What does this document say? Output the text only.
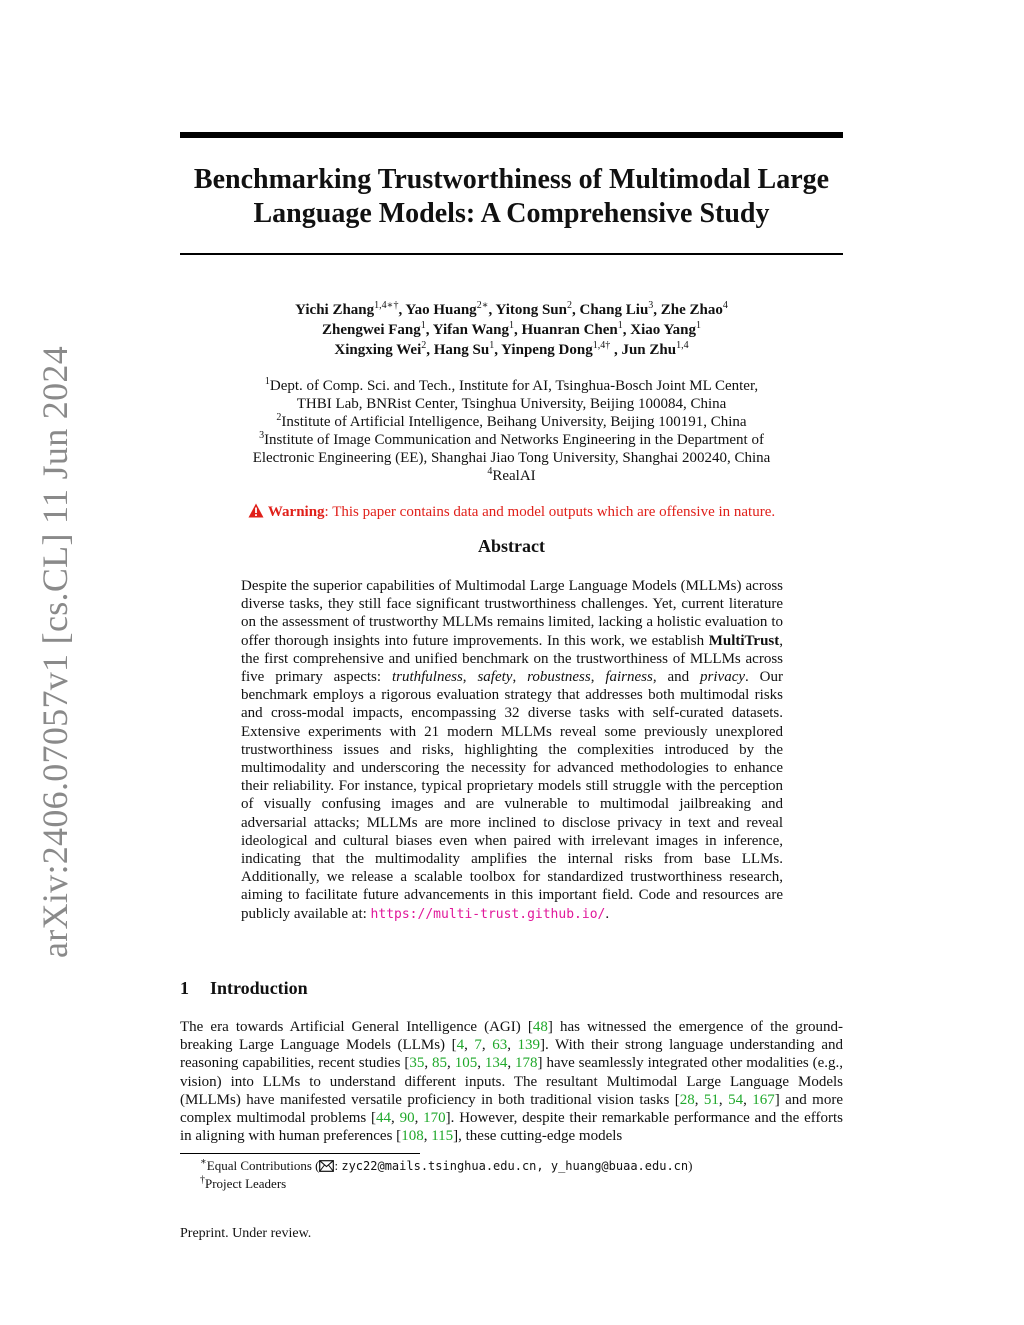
arXiv:2406.07057v1 [cs.CL] 11 Jun 2024
Benchmarking Trustworthiness of Multimodal Large
Language Models: A Comprehensive Study
Yichi Zhang$^{1,4∗\dagger}$, Yao Huang$^{2∗}$, Yitong Sun$^2$, Chang Liu$^3$, Zhe Zhao$^4$
Zhengwei Fang$^1$, Yifan Wang$^1$, Huanran Chen$^1$, Xiao Yang$^1$
Xingxing Wei$^2$, Hang Su$^1$, Yinpeng Dong$^{1,4\dagger}$ , Jun Zhu$^{1,4}$
$^1$Dept. of Comp. Sci. and Tech., Institute for AI, Tsinghua-Bosch Joint ML Center,
THBI Lab, BNRist Center, Tsinghua University, Beijing 100084, China
$^2$Institute of Artificial Intelligence, Beihang University, Beijing 100191, China
$^3$Institute of Image Communication and Networks Engineering in the Department of
Electronic Engineering (EE), Shanghai Jiao Tong University, Shanghai 200240, China
$^4$RealAI
Warning: This paper contains data and model outputs which are offensive in nature.
Abstract

Despite the superior capabilities of Multimodal Large Language Models (MLLMs) across diverse tasks, they still face significant trustworthiness challenges. Yet, current literature on the assessment of trustworthy MLLMs remains limited, lacking a holistic evaluation to offer thorough insights into future improvements. In this work, we establish MultiTrust, the first comprehensive and unified benchmark on the trustworthiness of MLLMs across five primary aspects: truthfulness, safety, robustness, fairness, and privacy. Our benchmark employs a rigorous evaluation strategy that addresses both multimodal risks and cross-modal impacts, encompassing 32 diverse tasks with self-curated datasets. Extensive experiments with 21 modern MLLMs reveal some previously unexplored trustworthiness issues and risks, highlighting the complexities introduced by the multimodality and underscoring the necessity for advanced methodologies to enhance their reliability. For instance, typical proprietary models still struggle with the perception of visually confusing images and are vulnerable to multimodal jailbreaking and adversarial attacks; MLLMs are more inclined to disclose privacy in text and reveal ideological and cultural biases even when paired with irrelevant images in inference, indicating that the multimodality amplifies the internal risks from base LLMs. Additionally, we release a scalable toolbox for standardized trustworthiness research, aiming to facilitate future advancements in this important field. Code and resources are publicly available at: https://multi-trust.github.io/.

1 Introduction

The era towards Artificial General Intelligence (AGI) [48] has witnessed the emergence of the ground-breaking Large Language Models (LLMs) [4, 7, 63, 139]. With their strong language understanding and reasoning capabilities, recent studies [35, 85, 105, 134, 178] have seamlessly integrated other modalities (e.g., vision) into LLMs to understand different inputs. The resultant Multimodal Large Language Models (MLLMs) have manifested versatile proficiency in both traditional vision tasks [28, 51, 54, 167] and more complex multimodal problems [44, 90, 170]. However, despite their remarkable performance and the efforts in aligning with human preferences [108, 115], these cutting-edge models

∗Equal Contributions ( : zyc22@mails.tsinghua.edu.cn, y_huang@buaa.edu.cn)
†Project Leaders
Preprint. Under review.
